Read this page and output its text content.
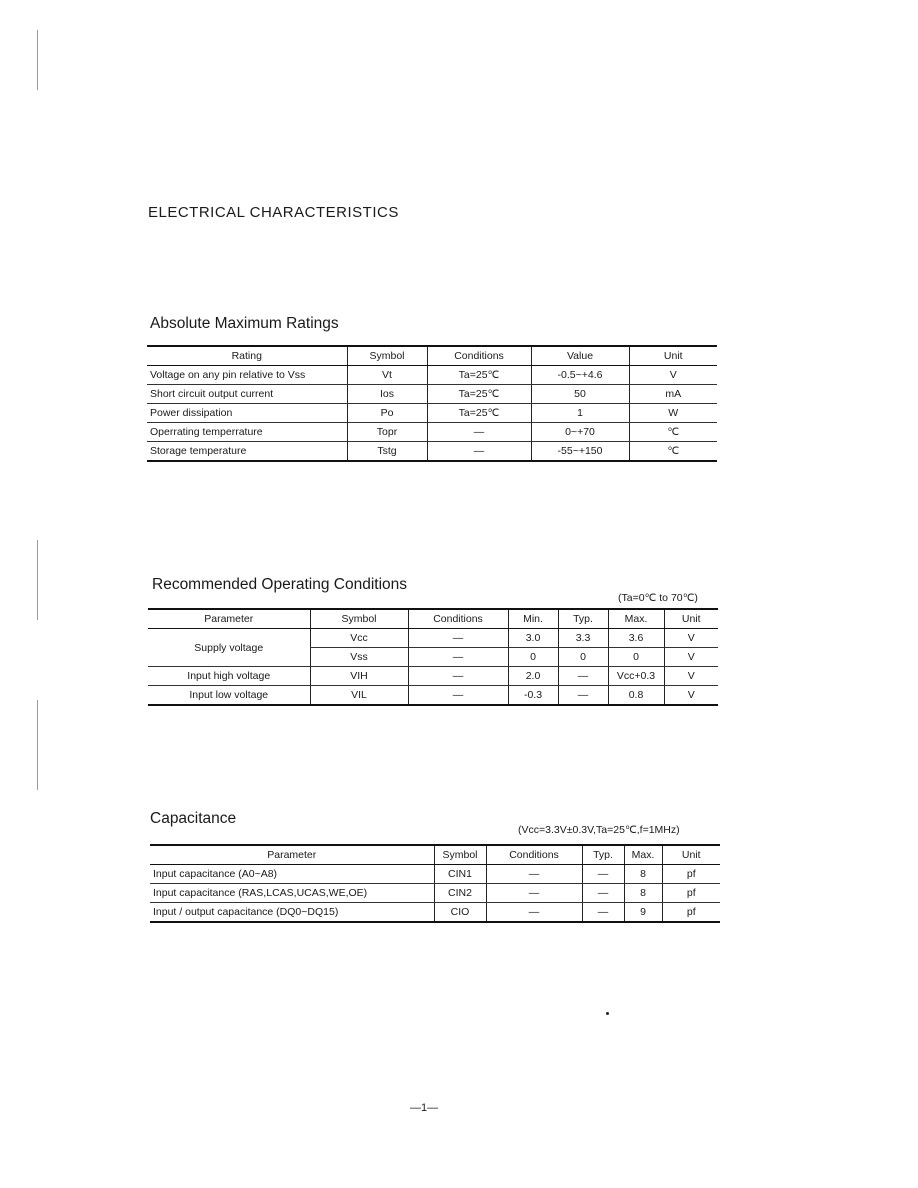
ELECTRICAL CHARACTERISTICS
Absolute Maximum Ratings
Rating	Symbol	Conditions	Value	Unit
Voltage on any pin relative to Vss	Vt	Ta=25℃	-0.5~+4.6	V
Short circuit output current	Ios	Ta=25℃	50	mA
Power dissipation	Po	Ta=25℃	1	W
Operrating temperrature	Topr	—	0~+70	℃
Storage temperature	Tstg	—	-55~+150	℃
Recommended Operating Conditions
(Ta=0℃ to 70℃)
Parameter	Symbol	Conditions	Min.	Typ.	Max.	Unit
Supply voltage	Vcc	—	3.0	3.3	3.6	V
	Vss	—	0	0	0	V
Input high voltage	VIH	—	2.0	—	Vcc+0.3	V
Input low voltage	VIL	—	-0.3	—	0.8	V
Capacitance
(Vcc=3.3V±0.3V,Ta=25℃,f=1MHz)
Parameter	Symbol	Conditions	Typ.	Max.	Unit
Input capacitance (A0~A8)	CIN1	—	—	8	pf
Input capacitance (RAS,LCAS,UCAS,WE,OE)	CIN2	—	—	8	pf
Input / output capacitance (DQ0~DQ15)	CIO	—	—	9	pf
—1—
